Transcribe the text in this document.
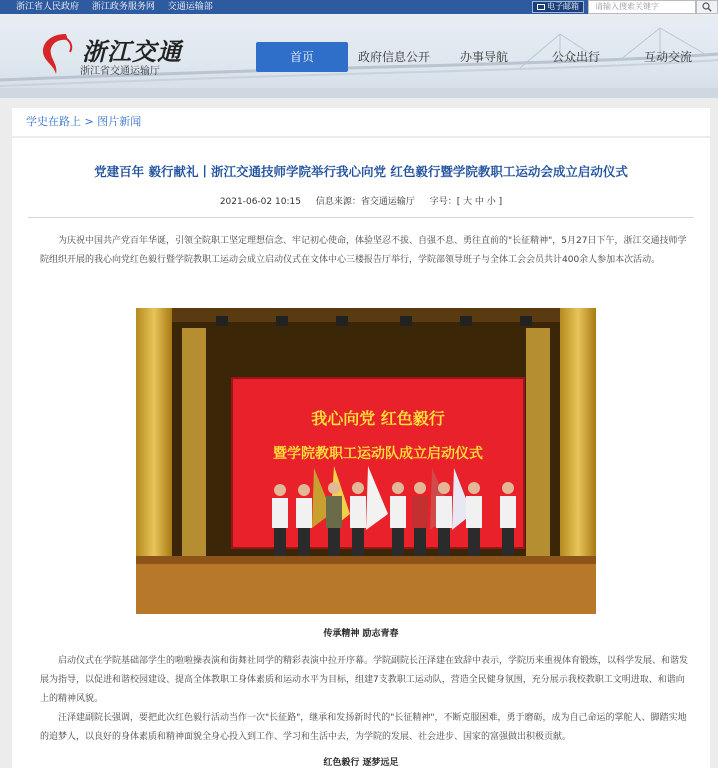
浙江省人民政府 浙江政务服务网 交通运输部	电子邮箱	请输入搜索关键字
浙江交通
浙江省交通运输厅
首页	政府信息公开	办事导航	公众出行	互动交流
学史在路上 > 图片新闻
党建百年 毅行献礼丨浙江交通技师学院举行我心向党 红色毅行暨学院教职工运动会成立启动仪式
2021-06-02 10:15 信息来源：省交通运输厅 字号：[ 大 中 小 ]
为庆祝中国共产党百年华诞，引领全院职工坚定理想信念、牢记初心使命，体验坚忍不拔、自强不息、勇往直前的"长征精神"，5月27日下午，浙江交通技师学院组织开展的我心向党红色毅行暨学院教职工运动会成立启动仪式在文体中心三楼报告厅举行，学院部领导班子与全体工会会员共计400余人参加本次活动。
我心向党 红色毅行
暨学院教职工运动队成立启动仪式
传承精神 励志青春
启动仪式在学院基础部学生的啦啦操表演和街舞社同学的精彩表演中拉开序幕。学院副院长汪泽建在致辞中表示，学院历来重视体育锻炼，以科学发展、和谐发展为指导，以促进和谐校园建设、提高全体教职工身体素质和运动水平为目标，组建7支教职工运动队，营造全民健身氛围，充分展示我校教职工文明进取、和谐向上的精神风貌。
汪泽建副院长强调，要把此次红色毅行活动当作一次"长征路"，继承和发扬新时代的"长征精神"，不断克服困难，勇于磨砺，成为自己命运的掌舵人、脚踏实地的追梦人，以良好的身体素质和精神面貌全身心投入到工作、学习和生活中去，为学院的发展、社会进步、国家的富强做出积极贡献。
红色毅行 逐梦远足
